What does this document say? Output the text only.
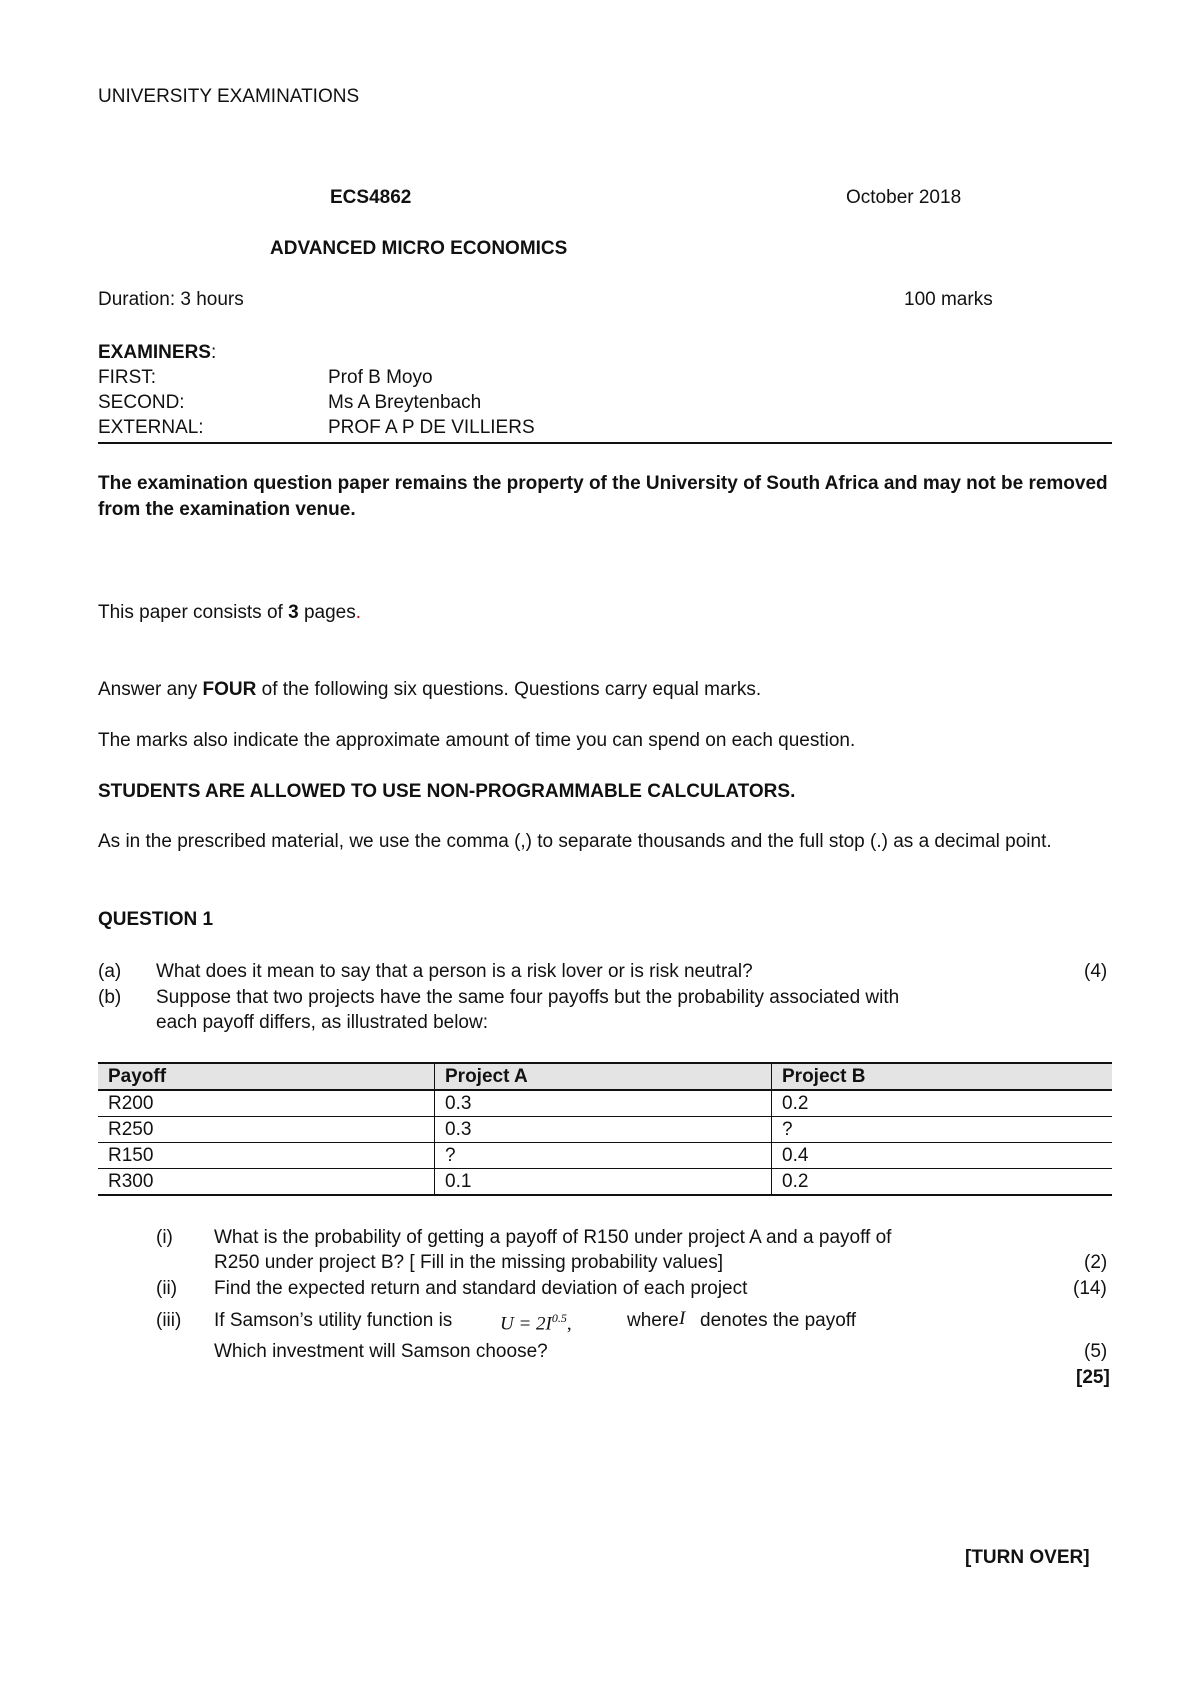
UNIVERSITY EXAMINATIONS
ECS4862	October 2018
ADVANCED MICRO ECONOMICS
Duration: 3 hours	100 marks
EXAMINERS:
FIRST:	Prof B Moyo
SECOND:	Ms A Breytenbach
EXTERNAL:	PROF A P DE VILLIERS
The examination question paper remains the property of the University of South Africa and may not be removed from the examination venue.
This paper consists of 3 pages.
Answer any FOUR of the following six questions. Questions carry equal marks.
The marks also indicate the approximate amount of time you can spend on each question.
STUDENTS ARE ALLOWED TO USE NON-PROGRAMMABLE CALCULATORS.
As in the prescribed material, we use the comma (,) to separate thousands and the full stop (.) as a decimal point.
QUESTION 1
(a) What does it mean to say that a person is a risk lover or is risk neutral?	(4)
(b) Suppose that two projects have the same four payoffs but the probability associated with
each payoff differs, as illustrated below:
Payoff	Project A	Project B
R200	0.3	0.2
R250	0.3	?
R150	?	0.4
R300	0.1	0.2
(i) What is the probability of getting a payoff of R150 under project A and a payoff of
R250 under project B? [ Fill in the missing probability values]	(2)
(ii) Find the expected return and standard deviation of each project	(14)
(iii) If Samson’s utility function is	$U = 2I^{0.5}$,	where I denotes the payoff
Which investment will Samson choose?	(5)
[25]
[TURN OVER]
